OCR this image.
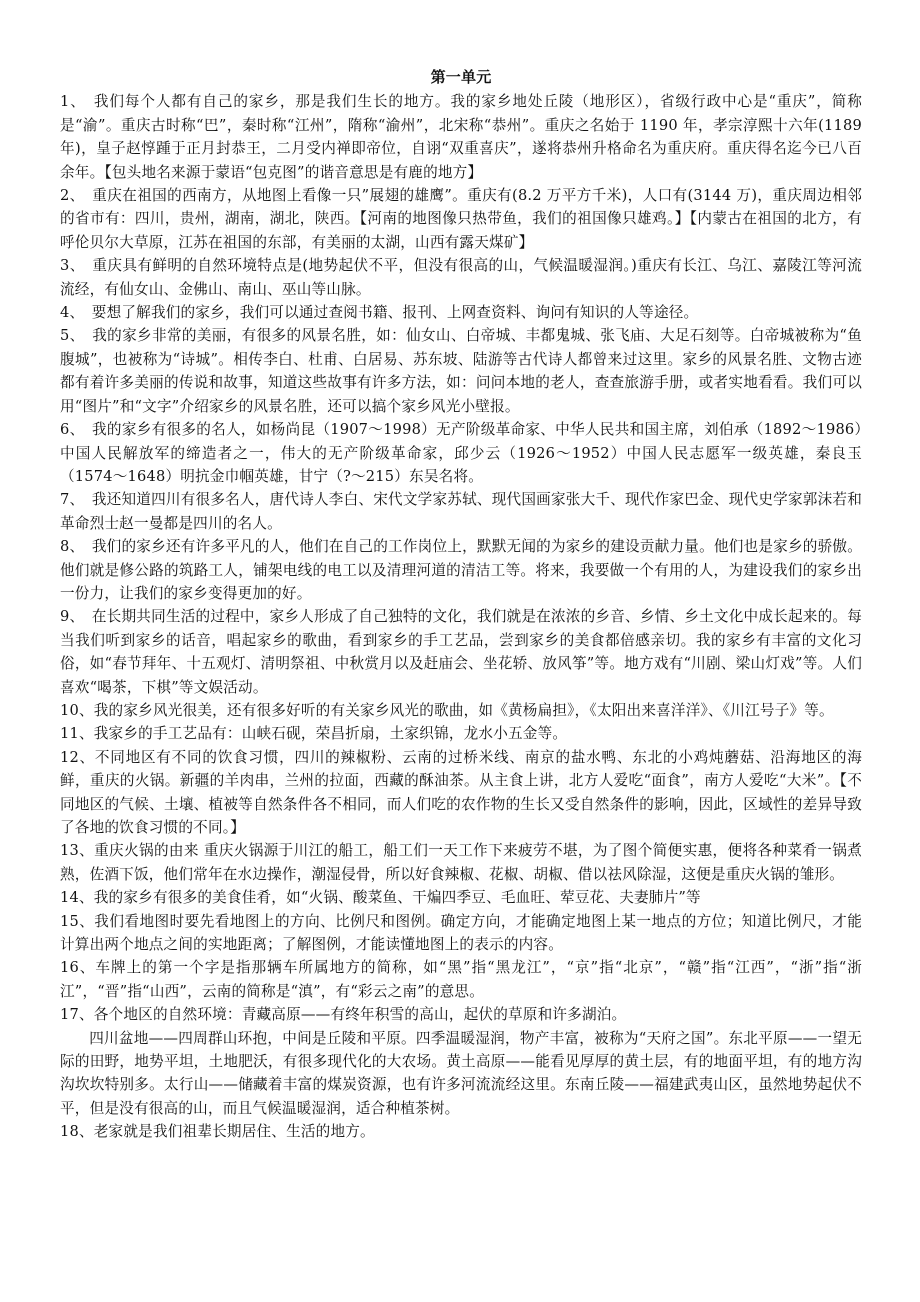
第一单元

1、　我们每个人都有自己的家乡，那是我们生长的地方。我的家乡地处丘陵（地形区），省级行政中心是“重庆”，简称是“渝”。重庆古时称“巴”，秦时称“江州”，隋称“渝州”，北宋称“恭州”。重庆之名始于 1190 年，孝宗淳熙十六年(1189 年)，皇子赵惇踵于正月封恭王，二月受内禅即帝位，自诩“双重喜庆”，遂将恭州升格命名为重庆府。重庆得名迄今已八百余年。【包头地名来源于蒙语“包克图”的谐音意思是有鹿的地方】

2、　重庆在祖国的西南方，从地图上看像一只”展翅的雄鹰”。重庆有(8.2 万平方千米)，人口有(3144 万)，重庆周边相邻的省市有：四川，贵州，湖南，湖北，陕西。【河南的地图像只热带鱼，我们的祖国像只雄鸡。】【内蒙古在祖国的北方，有呼伦贝尔大草原，江苏在祖国的东部，有美丽的太湖，山西有露天煤矿】

3、　重庆具有鲜明的自然环境特点是(地势起伏不平，但没有很高的山，气候温暖湿润。)重庆有长江、乌江、嘉陵江等河流流经，有仙女山、金佛山、南山、巫山等山脉。

4、　要想了解我们的家乡，我们可以通过查阅书籍、报刊、上网查资料、询问有知识的人等途径。

5、　我的家乡非常的美丽，有很多的风景名胜，如：仙女山、白帝城、丰都鬼城、张飞庙、大足石刻等。白帝城被称为“鱼腹城”，也被称为“诗城”。相传李白、杜甫、白居易、苏东坡、陆游等古代诗人都曾来过这里。家乡的风景名胜、文物古迹都有着许多美丽的传说和故事，知道这些故事有许多方法，如：问问本地的老人，查查旅游手册，或者实地看看。我们可以用“图片”和“文字”介绍家乡的风景名胜，还可以搞个家乡风光小壁报。

6、　我的家乡有很多的名人，如杨尚昆（1907～1998）无产阶级革命家、中华人民共和国主席，刘伯承（1892～1986）中国人民解放军的缔造者之一，伟大的无产阶级革命家，邱少云（1926～1952）中国人民志愿军一级英雄，秦良玉（1574～1648）明抗金巾帼英雄，甘宁（?～215）东吴名将。

7、　我还知道四川有很多名人，唐代诗人李白、宋代文学家苏轼、现代国画家张大千、现代作家巴金、现代史学家郭沫若和革命烈士赵一曼都是四川的名人。

8、　我们的家乡还有许多平凡的人，他们在自己的工作岗位上，默默无闻的为家乡的建设贡献力量。他们也是家乡的骄傲。他们就是修公路的筑路工人，铺架电线的电工以及清理河道的清洁工等。将来，我要做一个有用的人，为建设我们的家乡出一份力，让我们的家乡变得更加的好。

9、　在长期共同生活的过程中，家乡人形成了自己独特的文化，我们就是在浓浓的乡音、乡情、乡土文化中成长起来的。每当我们听到家乡的话音，唱起家乡的歌曲，看到家乡的手工艺品，尝到家乡的美食都倍感亲切。我的家乡有丰富的文化习俗，如“春节拜年、十五观灯、清明祭祖、中秋赏月以及赶庙会、坐花轿、放风筝”等。地方戏有“川剧、梁山灯戏”等。人们喜欢“喝茶，下棋”等文娱活动。

10、我的家乡风光很美，还有很多好听的有关家乡风光的歌曲，如《黄杨扁担》，《太阳出来喜洋洋》、《川江号子》等。

11、我家乡的手工艺品有：山峡石砚，荣昌折扇，土家织锦，龙水小五金等。

12、不同地区有不同的饮食习惯，四川的辣椒粉、云南的过桥米线、南京的盐水鸭、东北的小鸡炖蘑菇、沿海地区的海鲜，重庆的火锅。新疆的羊肉串，兰州的拉面，西藏的酥油茶。从主食上讲，北方人爱吃“面食”，南方人爱吃“大米”。【不同地区的气候、土壤、植被等自然条件各不相同，而人们吃的农作物的生长又受自然条件的影响，因此，区域性的差异导致了各地的饮食习惯的不同。】

13、重庆火锅的由来 重庆火锅源于川江的船工，船工们一天工作下来疲劳不堪，为了图个简便实惠，便将各种菜肴一锅煮熟，佐酒下饭，他们常年在水边操作，潮湿侵骨，所以好食辣椒、花椒、胡椒、借以祛风除湿，这便是重庆火锅的雏形。

14、我的家乡有很多的美食佳肴，如“火锅、酸菜鱼、干煸四季豆、毛血旺、荤豆花、夫妻肺片”等

15、我们看地图时要先看地图上的方向、比例尺和图例。确定方向，才能确定地图上某一地点的方位；知道比例尺，才能计算出两个地点之间的实地距离；了解图例，才能读懂地图上的表示的内容。

16、车牌上的第一个字是指那辆车所属地方的简称，如“黑”指“黑龙江”，“京”指“北京”，“赣”指“江西”，“浙”指“浙江”，“晋”指“山西”，云南的简称是“滇”，有“彩云之南”的意思。

17、各个地区的自然环境：青藏高原——有终年积雪的高山，起伏的草原和许多湖泊。

四川盆地——四周群山环抱，中间是丘陵和平原。四季温暖湿润，物产丰富，被称为“天府之国”。东北平原——一望无际的田野，地势平坦，土地肥沃，有很多现代化的大农场。黄土高原——能看见厚厚的黄土层，有的地面平坦，有的地方沟沟坎坎特别多。太行山——储藏着丰富的煤炭资源，也有许多河流流经这里。东南丘陵——福建武夷山区，虽然地势起伏不平，但是没有很高的山，而且气候温暖湿润，适合种植茶树。

18、老家就是我们祖辈长期居住、生活的地方。
